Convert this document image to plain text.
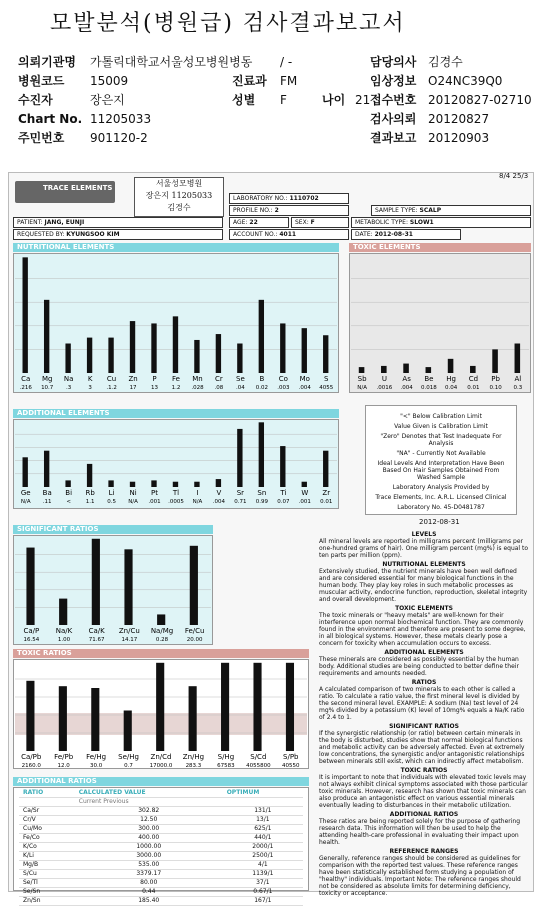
모발분석(병원급) 검사결과보고서
의뢰기관명 가톨릭대학교서울성모병원병동
병원코드 15009
수진자	장은지
Chart No. 11205033
주민번호 901120-2
/ -
진료과 FM
성별 F	나이 21
담당의사 김경수
임상정보 O24NC39Q0
접수번호 20120827-02710
검사의뢰 20120827
결과보고 20120903
TRACE ELEMENTS	서울성모병원
장은지 11205033
김경수
8/4 25/3
LABORATORY NO.: 1110702
PROFILE NO.: 2	SAMPLE TYPE: SCALP
PATIENT: JANG, EUNJI	AGE: 22	SEX: F	METABOLIC TYPE: SLOW1
REQUESTED BY: KYUNGSOO KIM	ACCOUNT NO.: 4011	DATE: 2012-08-31
NUTRITIONAL ELEMENTS	TOXIC ELEMENTS
ADDITIONAL ELEMENTS
SIGNIFICANT RATIOS
TOXIC RATIOS
ADDITIONAL RATIOS
"<" Below Calibration Limit
Value Given is Calibration Limit
"Zero" Denotes that Test Inadequate For Analysis
"NA" - Currently Not Available
Ideal Levels And Interpretation Have Been Based On Hair Samples Obtained From Washed Sample
Laboratory Analysis Provided by
Trace Elements, Inc. A.R.L. Licensed Clinical
Laboratory No. 45-D0481787
2012-08-31
LEVELS
All mineral levels are reported in milligrams percent (milligrams per one-hundred grams of hair). One milligram percent (mg%) is equal to ten parts per million (ppm).
NUTRITIONAL ELEMENTS
Extensively studied, the nutrient minerals have been well defined and are considered essential for many biological functions in the human body. They play key roles in such metabolic processes as muscular activity, endocrine function, reproduction, skeletal integrity and overall development.
TOXIC ELEMENTS
The toxic minerals or "heavy metals" are well-known for their interference upon normal biochemical function. They are commonly found in the environment and therefore are present to some degree, in all biological systems. However, these metals clearly pose a concern for toxicity when accumulation occurs to excess.
ADDITIONAL ELEMENTS
These minerals are considered as possibly essential by the human body. Additional studies are being conducted to better define their requirements and amounts needed.
RATIOS
A calculated comparison of two minerals to each other is called a ratio. To calculate a ratio value, the first mineral level is divided by the second mineral level. EXAMPLE: A sodium (Na) test level of 24 mg% divided by a potassium (K) level of 10mg% equals a Na/K ratio of 2.4 to 1.
SIGNIFICANT RATIOS
If the synergistic relationship (or ratio) between certain minerals in the body is disturbed, studies show that normal biological functions and metabolic activity can be adversely affected. Even at extremely low concentrations, the synergistic and/or antagonistic relationships between minerals still exist, which can indirectly affect metabolism.
TOXIC RATIOS
It is important to note that individuals with elevated toxic levels may not always exhibit clinical symptoms associated with those particular toxic minerals. However, research has shown that toxic minerals can also produce an antagonistic effect on various essential minerals eventually leading to disturbances in their metabolic utilization.
ADDITIONAL RATIOS
These ratios are being reported solely for the purpose of gathering research data. This information will then be used to help the attending health-care professional in evaluating their impact upon health.
REFERENCE RANGES
Generally, reference ranges should be considered as guidelines for comparison with the reported test values. These reference ranges have been statistically established form studying a population of "healthy" individuals. Important Note: The reference ranges should not be considered as absolute limits for determining deficiency, toxicity or acceptance.
Ca
.216
Mg
10.7
Na
.3
K
3
Cu
.1.2
Zn
17
P
13
Fe
1.2
Mn
.028
Cr
.08
Se
.04
B
0.02
Co
.003
Mo
.004
S
4055
Sb
N/A
U
.0016
As
.004
Be
0.018
Hg
0.04
Cd
0.01
Pb
0.10
Al
0.3
Ge
N/A
Ba
.11
Bi
<
Rb
1.1
Li
0.5
Ni
N/A
Pt
.001
Tl
.0005
I
N/A
V
.004
Sr
0.71
Sn
0.99
Ti
0.07
W
.001
Zr
0.01
Ca/P
16.54
Na/K
1.00
Ca/K
71.67
Zn/Cu
14.17
Na/Mg
0.28
Fe/Cu
20.00
Ca/Pb
2160.0
Fe/Pb
12.0
Fe/Hg
30.0
Se/Hg
0.7
Zn/Cd
17000.0
Zn/Hg
283.3
S/Hg
67583
S/Cd
4055800
S/Pb
40550
RATIO	CALCULATED VALUE	OPTIMUM
	Current Previous	
Ca/Sr	302.82	131/1
Cr/V	12.50	13/1
Cu/Mo	300.00	625/1
Fe/Co	400.00	440/1
K/Co	1000.00	2000/1
K/Li	3000.00	2500/1
Mg/B	535.00	4/1
S/Cu	3379.17	1139/1
Se/Tl	80.00	37/1
Se/Sn	0.44	0.67/1
Zn/Sn	185.40	167/1
